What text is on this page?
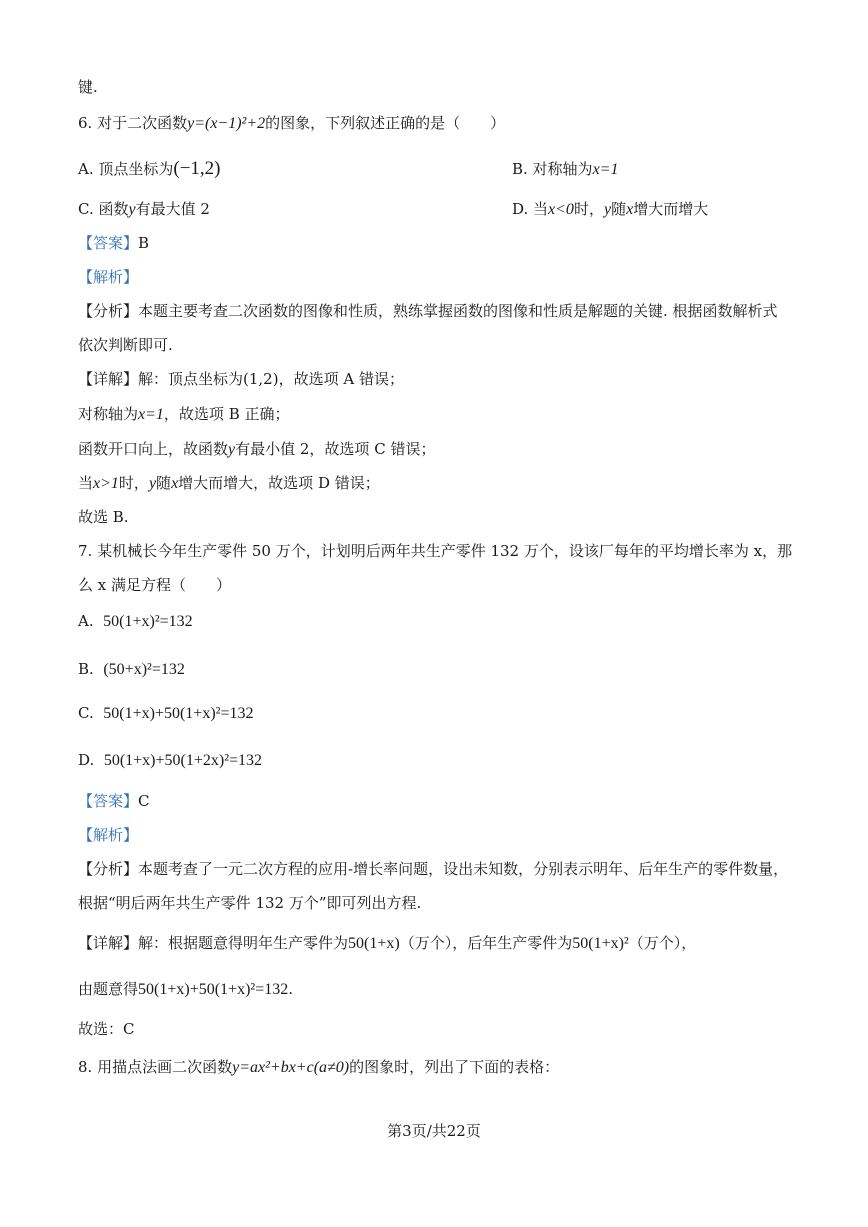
键.
6. 对于二次函数y=(x−1)²+2的图象，下列叙述正确的是（　　）
A. 顶点坐标为(−1,2)	B. 对称轴为x=1
C. 函数y有最大值 2	D. 当x<0时，y随x增大而增大
【答案】B
【解析】
【分析】本题主要考查二次函数的图像和性质，熟练掌握函数的图像和性质是解题的关键. 根据函数解析式
依次判断即可.
【详解】解：顶点坐标为(1,2)，故选项 A 错误；
对称轴为x=1，故选项 B 正确；
函数开口向上，故函数y有最小值 2，故选项 C 错误；
当x>1时，y随x增大而增大，故选项 D 错误；
故选 B.
7. 某机械长今年生产零件 50 万个，计划明后两年共生产零件 132 万个，设该厂每年的平均增长率为 x，那
么 x 满足方程（　　）
A. 50(1+x)²=132
B. (50+x)²=132
C. 50(1+x)+50(1+x)²=132
D. 50(1+x)+50(1+2x)²=132
【答案】C
【解析】
【分析】本题考查了一元二次方程的应用-增长率问题，设出未知数，分别表示明年、后年生产的零件数量，
根据“明后两年共生产零件 132 万个”即可列出方程.
【详解】解：根据题意得明年生产零件为50(1+x)（万个），后年生产零件为50(1+x)²（万个），
由题意得50(1+x)+50(1+x)²=132.
故选：C
8. 用描点法画二次函数y=ax²+bx+c(a≠0)的图象时，列出了下面的表格：
第3页/共22页
